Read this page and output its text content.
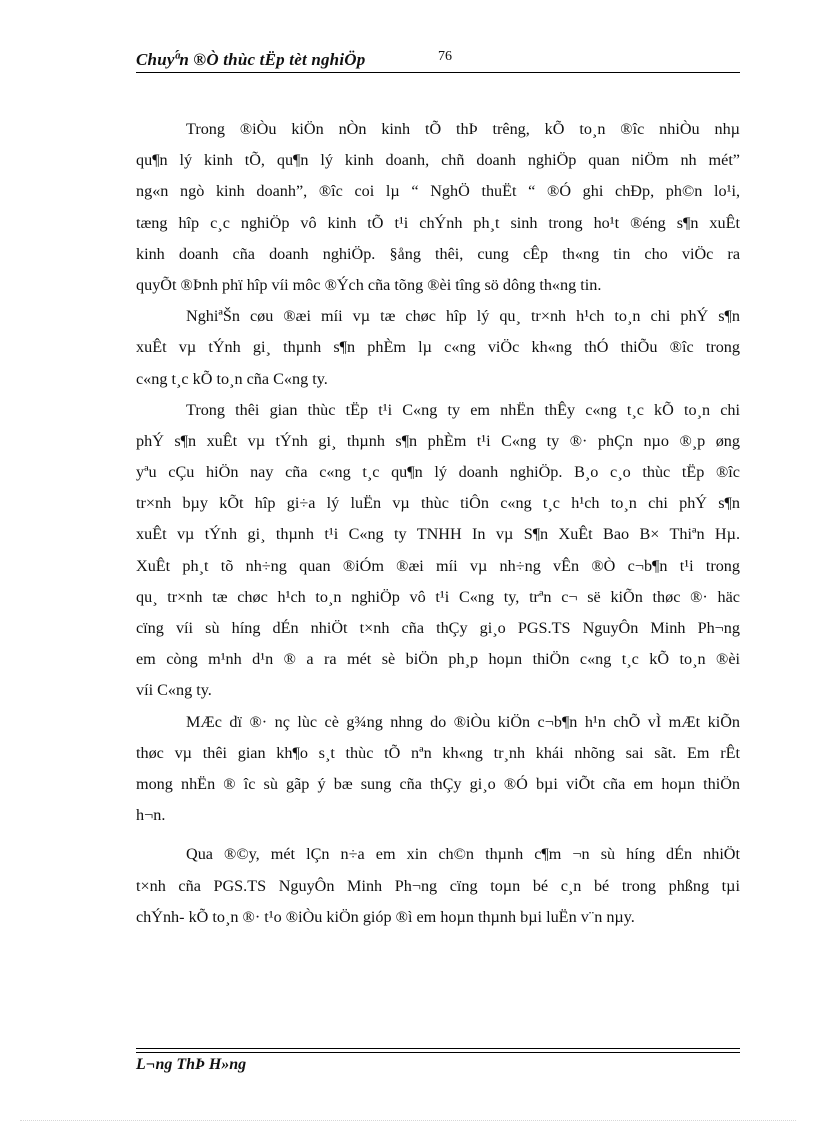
Chuyª́n ®Ò thùc tËp tèt nghiÖp	76
Trong ®iÒu kiÖn nÒn kinh tÕ thÞ trêng, kÕ to¸n ®îc nhiÒu nhµ
qu¶n lý kinh tÕ, qu¶n lý kinh doanh, chñ doanh nghiÖp quan niÖm nh mét”
ng«n ngò kinh doanh”, ®îc coi lµ “ NghÖ thuËt “ ®Ó ghi chÐp, ph©n lo¹i,
tæng hîp c¸c nghiÖp vô kinh tÕ t¹i chÝnh ph¸t sinh trong ho¹t ®éng s¶n xuÊt
kinh doanh cña doanh nghiÖp. §ång thêi, cung cÊp th«ng tin cho viÖc ra
quyÕt ®Þnh phï hîp víi môc ®Ých cña tõng ®èi tîng sö dông th«ng tin.
NghiªŠn cøu ®æi míi vµ tæ chøc hîp lý qu¸ tr×nh h¹ch to¸n chi phÝ s¶n
xuÊt vµ tÝnh gi¸ thµnh s¶n phÈm lµ c«ng viÖc kh«ng thÓ thiÕu ®îc trong
c«ng t¸c kÕ to¸n cña C«ng ty.
Trong thêi gian thùc tËp t¹i C«ng ty em nhËn thÊy c«ng t¸c kÕ to¸n chi
phÝ s¶n xuÊt vµ tÝnh gi¸ thµnh s¶n phÈm t¹i C«ng ty ®· phÇn nµo ®¸p øng
yªu cÇu hiÖn nay cña c«ng t¸c qu¶n lý doanh nghiÖp. B¸o c¸o thùc tËp ®îc
tr×nh bµy kÕt hîp gi÷a lý luËn vµ thùc tiÔn c«ng t¸c h¹ch to¸n chi phÝ s¶n
xuÊt vµ tÝnh gi¸ thµnh t¹i C«ng ty TNHH In vµ S¶n XuÊt Bao B× Thiªn Hµ.
XuÊt ph¸t tõ nh÷ng quan ®iÓm ®æi míi vµ nh÷ng vÊn ®Ò c¬b¶n t¹i trong
qu¸ tr×nh tæ chøc h¹ch to¸n nghiÖp vô t¹i C«ng ty, trªn c¬ së kiÕn thøc ®· häc
cïng víi sù híng dÉn nhiÖt t×nh cña thÇy gi¸o PGS.TS NguyÔn Minh Ph¬ng
em còng m¹nh d¹n ® a ra mét sè biÖn ph¸p hoµn thiÖn c«ng t¸c kÕ to¸n ®èi
víi C«ng ty.
MÆc dï ®· nç lùc cè g¾ng nhng do ®iÒu kiÖn c¬b¶n h¹n chÕ vÌ mÆt kiÕn
thøc vµ thêi gian kh¶o s¸t thùc tÕ nªn kh«ng tr¸nh khái nhõng sai sãt. Em rÊt
mong nhËn ® îc sù gãp ý bæ sung cña thÇy gi¸o ®Ó bµi viÕt cña em hoµn thiÖn
h¬n.
Qua ®©y, mét lÇn n÷a em xin ch©n thµnh c¶m ¬n sù híng dÉn nhiÖt
t×nh cña PGS.TS NguyÔn Minh Ph¬ng cïng toµn bé c¸n bé trong phßng tµi
chÝnh- kÕ to¸n ®· t¹o ®iÒu kiÖn gióp ®ì em hoµn thµnh bµi luËn v¨n nµy.
L¬ng ThÞ H»ng
